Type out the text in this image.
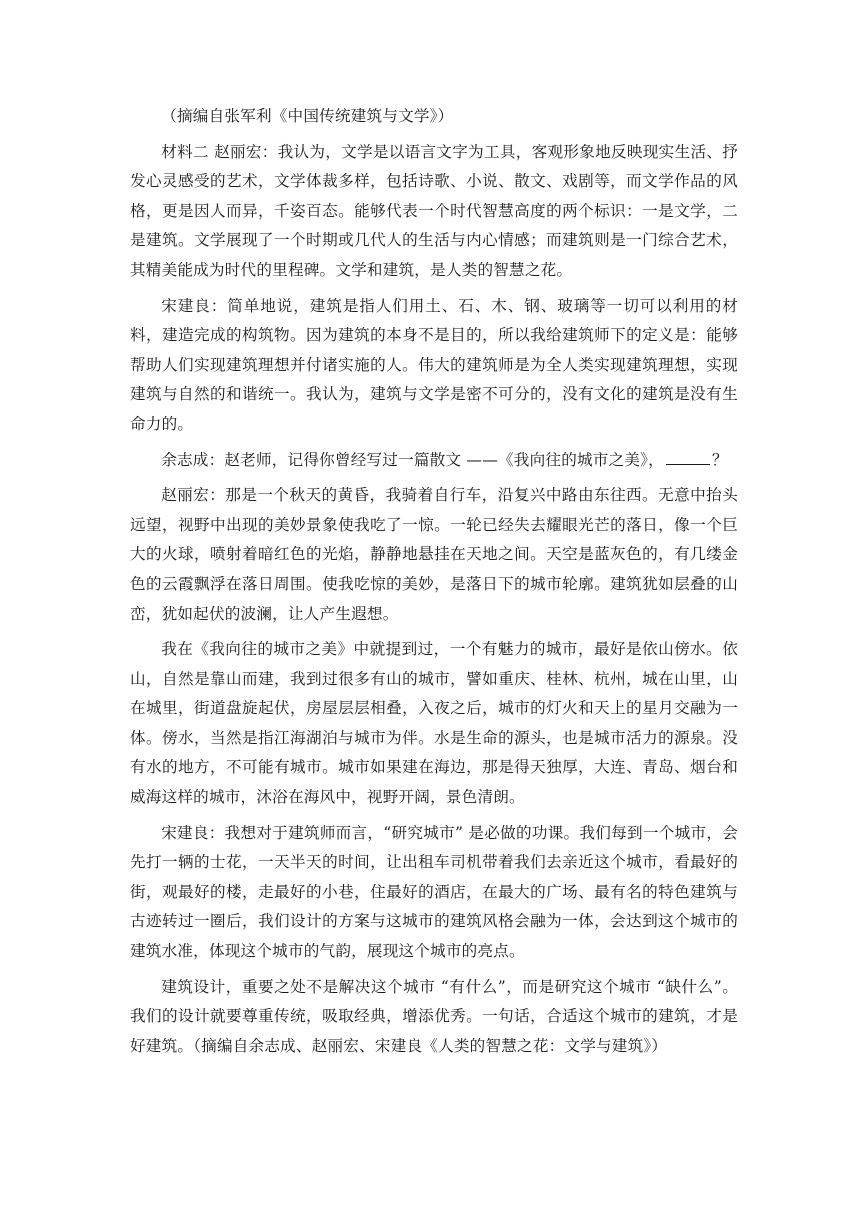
（摘编自张军利《中国传统建筑与文学》）

材料二 赵丽宏：我认为，文学是以语言文字为工具，客观形象地反映现实生活、抒发心灵感受的艺术，文学体裁多样，包括诗歌、小说、散文、戏剧等，而文学作品的风格，更是因人而异，千姿百态。能够代表一个时代智慧高度的两个标识：一是文学，二是建筑。文学展现了一个时期或几代人的生活与内心情感；而建筑则是一门综合艺术，其精美能成为时代的里程碑。文学和建筑，是人类的智慧之花。

宋建良：简单地说，建筑是指人们用土、石、木、钢、玻璃等一切可以利用的材料，建造完成的构筑物。因为建筑的本身不是目的，所以我给建筑师下的定义是：能够帮助人们实现建筑理想并付诸实施的人。伟大的建筑师是为全人类实现建筑理想，实现建筑与自然的和谐统一。我认为，建筑与文学是密不可分的，没有文化的建筑是没有生命力的。

余志成：赵老师，记得你曾经写过一篇散文 ——《我向往的城市之美》，	？

赵丽宏：那是一个秋天的黄昏，我骑着自行车，沿复兴中路由东往西。无意中抬头远望，视野中出现的美妙景象使我吃了一惊。一轮已经失去耀眼光芒的落日，像一个巨大的火球，喷射着暗红色的光焰，静静地悬挂在天地之间。天空是蓝灰色的，有几缕金色的云霞飘浮在落日周围。使我吃惊的美妙，是落日下的城市轮廓。建筑犹如层叠的山峦，犹如起伏的波澜，让人产生遐想。

我在《我向往的城市之美》中就提到过，一个有魅力的城市，最好是依山傍水。依山，自然是靠山而建，我到过很多有山的城市，譬如重庆、桂林、杭州，城在山里，山在城里，街道盘旋起伏，房屋层层相叠，入夜之后，城市的灯火和天上的星月交融为一体。傍水，当然是指江海湖泊与城市为伴。水是生命的源头，也是城市活力的源泉。没有水的地方，不可能有城市。城市如果建在海边，那是得天独厚，大连、青岛、烟台和威海这样的城市，沐浴在海风中，视野开阔，景色清朗。

宋建良：我想对于建筑师而言，“研究城市” 是必做的功课。我们每到一个城市，会先打一辆的士花，一天半天的时间，让出租车司机带着我们去亲近这个城市，看最好的街，观最好的楼，走最好的小巷，住最好的酒店，在最大的广场、最有名的特色建筑与古迹转过一圈后，我们设计的方案与这城市的建筑风格会融为一体，会达到这个城市的建筑水准，体现这个城市的气韵，展现这个城市的亮点。

建筑设计，重要之处不是解决这个城市 “有什么”，而是研究这个城市 “缺什么”。我们的设计就要尊重传统，吸取经典，增添优秀。一句话，合适这个城市的建筑，才是好建筑。（摘编自余志成、赵丽宏、宋建良《人类的智慧之花：文学与建筑》）
